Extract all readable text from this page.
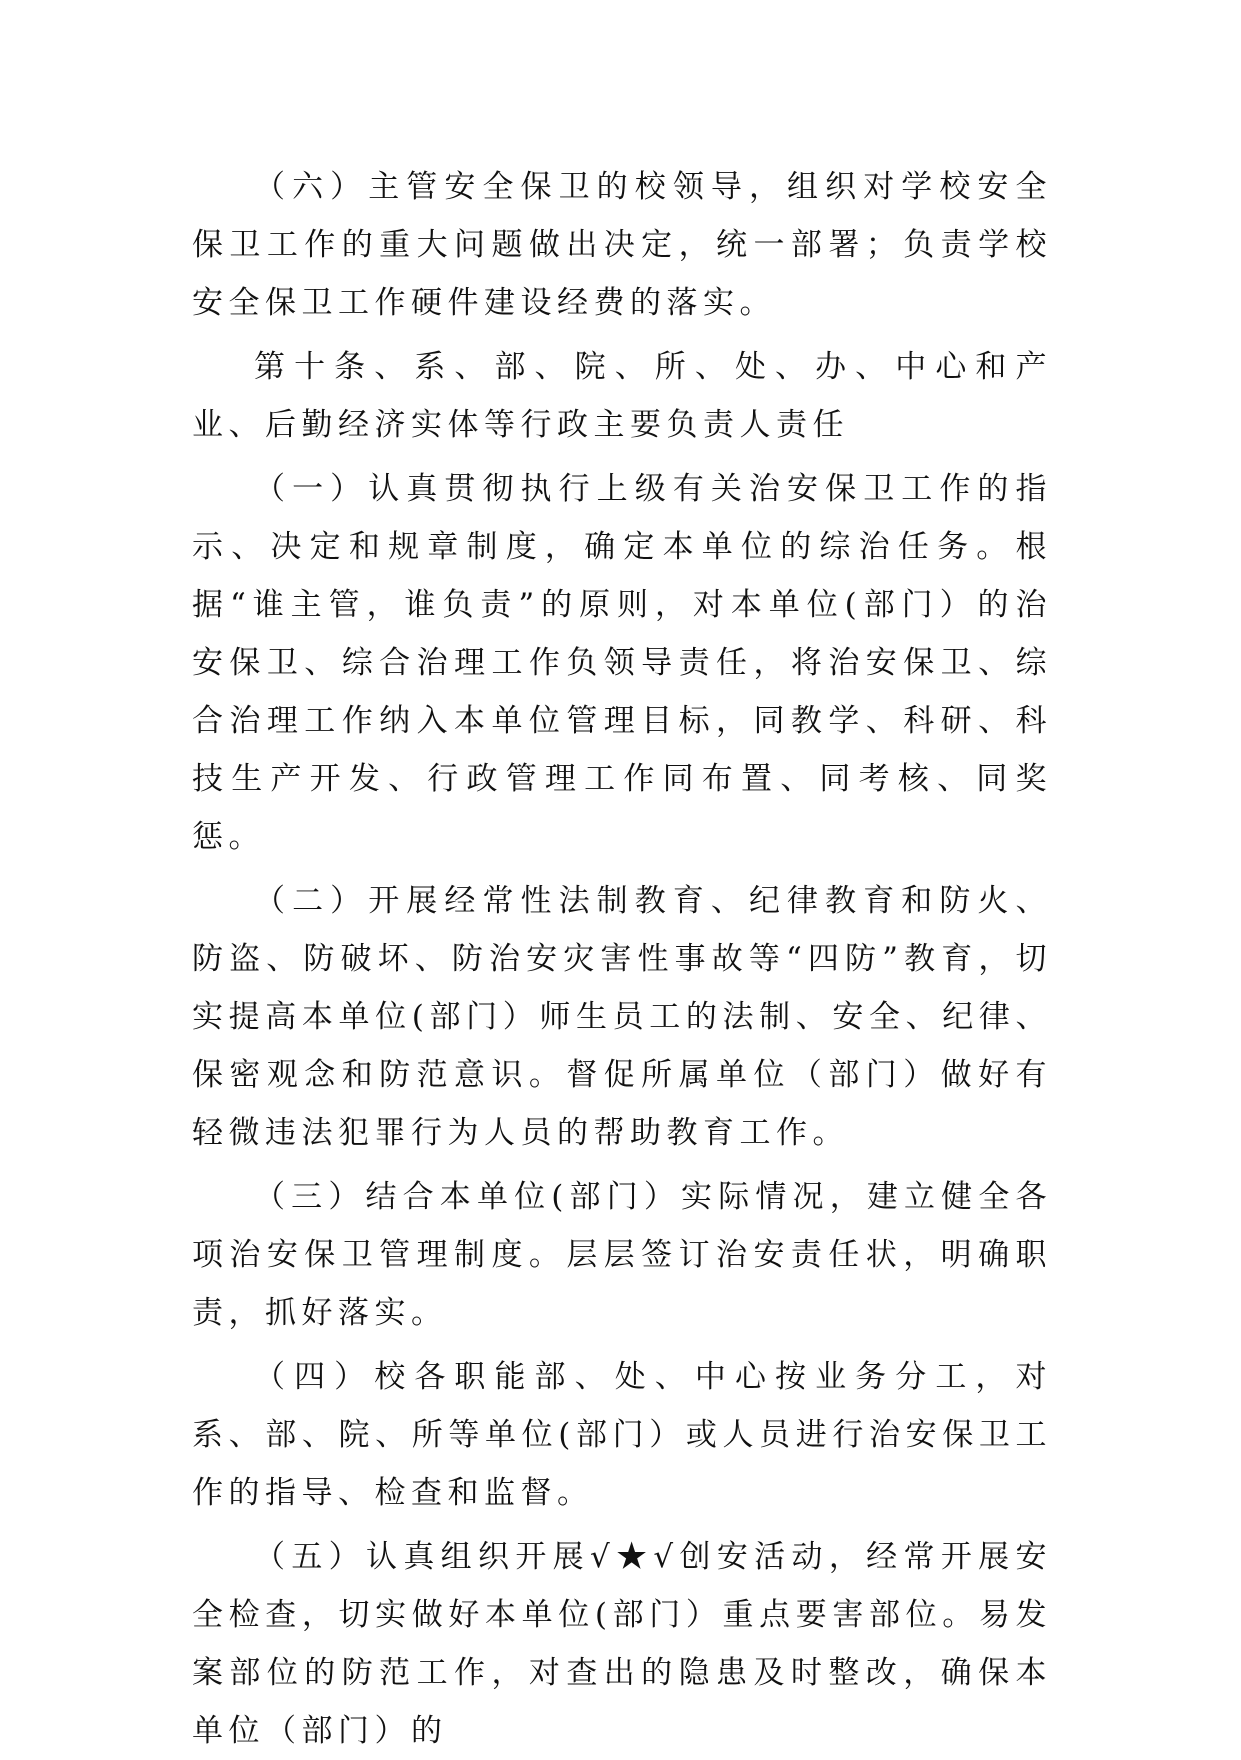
（六）主管安全保卫的校领导，组织对学校安全保卫工作的重大问题做出决定，统一部署；负责学校安全保卫工作硬件建设经费的落实。

第十条、系、部、院、所、处、办、中心和产业、后勤经济实体等行政主要负责人责任

（一）认真贯彻执行上级有关治安保卫工作的指示、决定和规章制度，确定本单位的综治任务。根据“谁主管，谁负责”的原则，对本单位(部门）的治安保卫、综合治理工作负领导责任，将治安保卫、综合治理工作纳入本单位管理目标，同教学、科研、科技生产开发、行政管理工作同布置、同考核、同奖惩。

（二）开展经常性法制教育、纪律教育和防火、防盗、防破坏、防治安灾害性事故等“四防”教育，切实提高本单位(部门）师生员工的法制、安全、纪律、保密观念和防范意识。督促所属单位（部门）做好有轻微违法犯罪行为人员的帮助教育工作。

（三）结合本单位(部门）实际情况，建立健全各项治安保卫管理制度。层层签订治安责任状，明确职责，抓好落实。

（四）校各职能部、处、中心按业务分工，对系、部、院、所等单位(部门）或人员进行治安保卫工作的指导、检查和监督。

（五）认真组织开展√★√创安活动，经常开展安全检查，切实做好本单位(部门）重点要害部位。易发案部位的防范工作，对查出的隐患及时整改，确保本单位（部门）的
